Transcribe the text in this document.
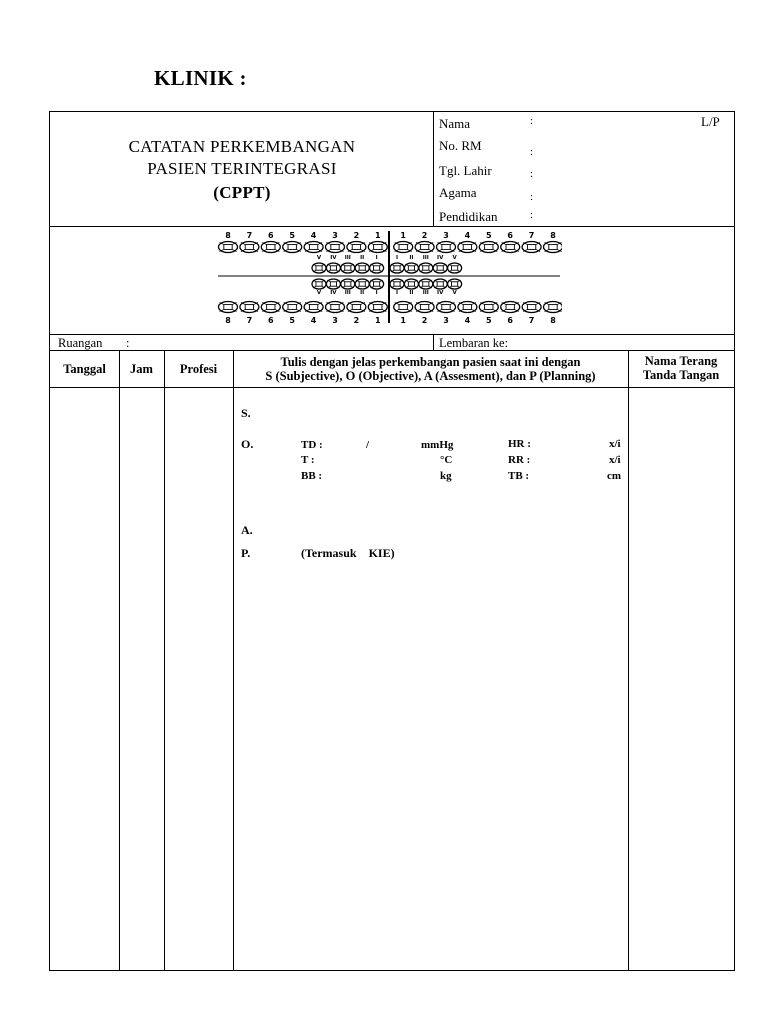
KLINIK :
CATATAN PERKEMBANGAN
PASIEN TERINTEGRASI
(CPPT)
Nama	:	L/P
No. RM	:
Tgl. Lahir	:
Agama	:
Pendidikan	:
8 7 6 5 4 3 2 1 1 2 3 4 5 6 7 8
V IV III II I	I II III IV V
V IV III II I	I II III IV V
8 7 6 5 4 3 2 1 1 2 3 4 5 6 7 8
Ruangan :	Lembaran ke:
Tanggal	Jam	Profesi	Tulis dengan jelas perkembangan pasien saat ini dengan
S (Subjective), O (Objective), A (Assesment), dan P (Planning)
Nama Terang
Tanda Tangan
S.
O.	TD :	/	mmHg	HR :	x/i
T :	°C	RR :	x/i
BB :	kg	TB :	cm
A.
P.	(Termasuk    KIE)
